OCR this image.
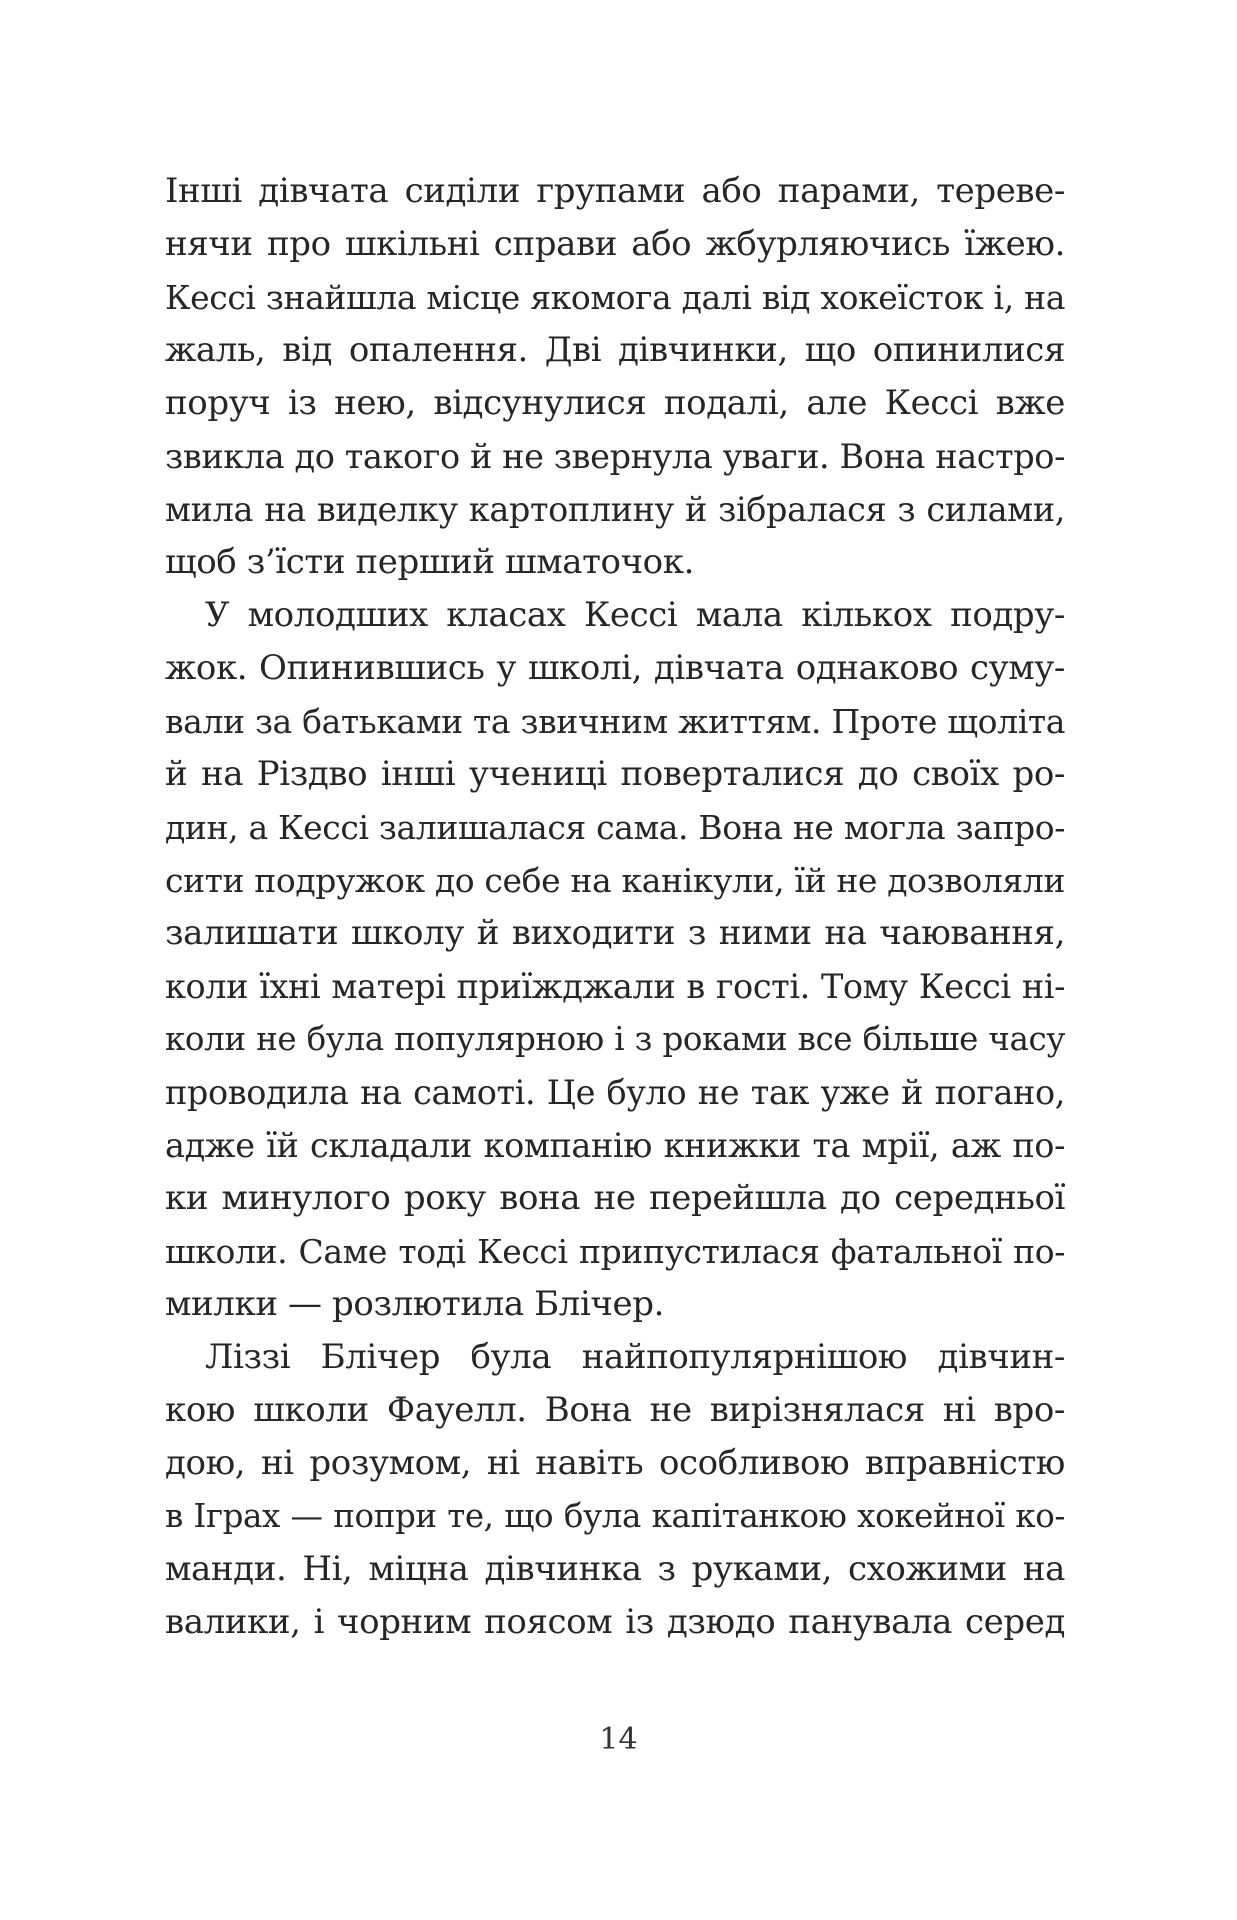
Інші дівчата сиділи групами або парами, терeве-
нячи про шкільні справи або жбурляючись їжею.
Кессі знайшла місце якомога далі від хокеїсток і, на
жаль, від опалення. Дві дівчинки, що опинилися
поруч із нею, відсунулися подалі, але Кессі вже
звикла до такого й не звернула уваги. Вона настро-
мила на виделку картоплину й зібралася з силами,
щоб з’їсти перший шматочок.
У молодших класах Кессі мала кількох подру-
жок. Опинившись у школі, дівчата однаково суму-
вали за батьками та звичним життям. Проте щоліта
й на Різдво інші учениці поверталися до своїх ро-
дин, а Кессі залишалася сама. Вона не могла запро-
сити подружок до себе на канікули, їй не дозволяли
залишати школу й виходити з ними на чаювання,
коли їхні матері приїжджали в гості. Тому Кессі ні-
коли не була популярною і з роками все більше часу
проводила на самоті. Це було не так уже й погано,
адже їй складали компанію книжки та мрії, аж по-
ки минулого року вона не перейшла до середньої
школи. Саме тоді Кессі припустилася фатальної по-
милки — розлютила Блічер.
Ліззі Блічер була найпопулярнішою дівчин-
кою школи Фауелл. Вона не вирізнялася ні вро-
дою, ні розумом, ні навіть особливою вправністю
в Іграх — попри те, що була капітанкою хокейної ко-
манди. Ні, міцна дівчинка з руками, схожими на
валики, і чорним поясом із дзюдо панувала серед
14
